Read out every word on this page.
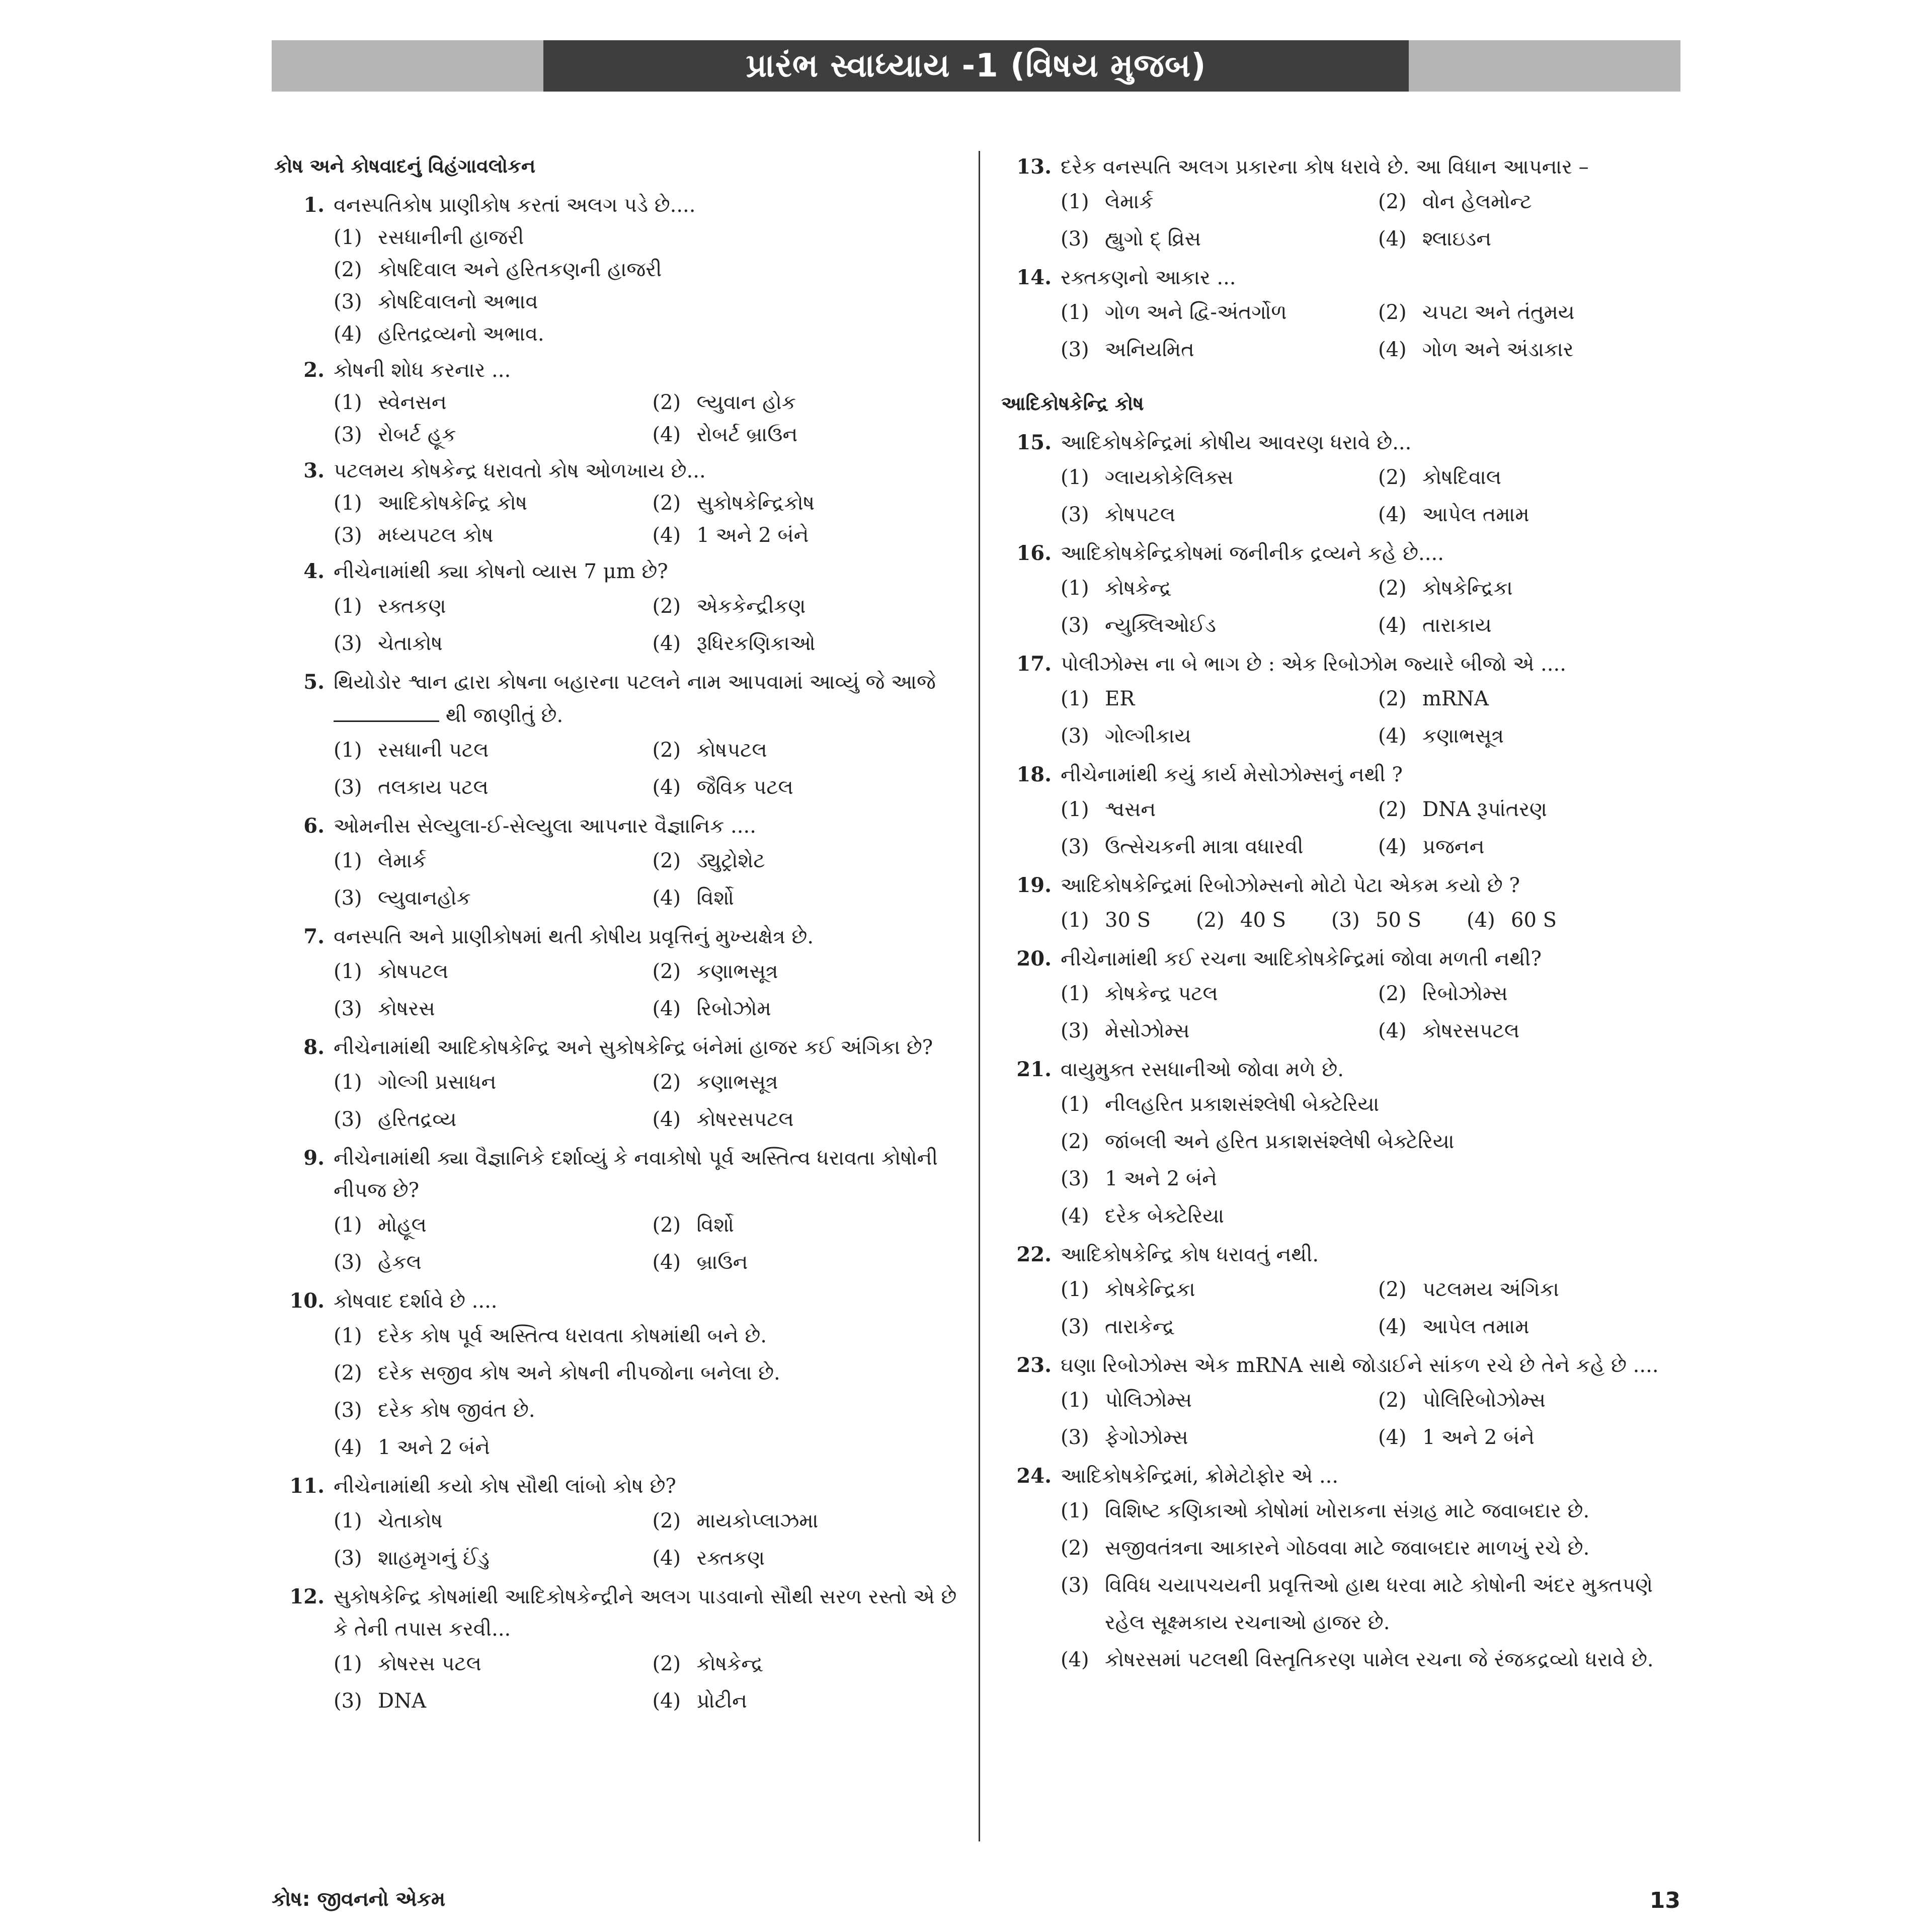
પ્રારંભ સ્વાધ્યાય -1 (વિષય મુજબ)
કોષ અને કોષવાદનું વિહંગાવલોકન
1. વનસ્પતિકોષ પ્રાણીકોષ કરતાં અલગ પડે છે....
(1) રસધાનીની હાજરી
(2) કોષદિવાલ અને હરિતકણની હાજરી
(3) કોષદિવાલનો અભાવ
(4) હરિતદ્રવ્યનો અભાવ.
2. કોષની શોધ કરનાર ...
(1) સ્વેનસન	(2) લ્યુવાન હોક
(3) રોબર્ટ હૂક	(4) રોબર્ટ બ્રાઉન
3. પટલમય કોષકેન્દ્ર ધરાવતો કોષ ઓળખાય છે...
(1) આદિકોષકેન્દ્રિ કોષ	(2) સુકોષકેન્દ્રિકોષ
(3) મધ્યપટલ કોષ	(4) 1 અને 2 બંને
4. નીચેનામાંથી ક્યા કોષનો વ્યાસ 7 μm છે?
(1) રક્તકણ	(2) એકકેન્દ્રીકણ
(3) ચેતાકોષ	(4) રૂધિરકણિકાઓ
5. થિયોડોર શ્વાન દ્વારા કોષના બહારના પટલને નામ આપવામાં આવ્યું જે આજે
થી જાણીતું છે.
(1) રસધાની પટલ	(2) કોષપટલ
(3) તલકાય પટલ	(4) જૈવિક પટલ
6. ઓમનીસ સેલ્યુલા-ઈ-સેલ્યુલા આપનાર વૈજ્ઞાનિક ....
(1) લેમાર્ક	(2) ડ્યુટ્રોશેટ
(3) લ્યુવાનહોક	(4) વિર્શો
7. વનસ્પતિ અને પ્રાણીકોષમાં થતી કોષીય પ્રવૃત્તિનું મુખ્યક્ષેત્ર છે.
(1) કોષપટલ	(2) કણાભસૂત્ર
(3) કોષરસ	(4) રિબોઝોમ
8. નીચેનામાંથી આદિકોષકેન્દ્રિ અને સુકોષકેન્દ્રિ બંનેમાં હાજર કઈ અંગિકા છે?
(1) ગોલ્ગી પ્રસાધન	(2) કણાભસૂત્ર
(3) હરિતદ્રવ્ય	(4) કોષરસપટલ
9. નીચેનામાંથી ક્યા વૈજ્ઞાનિકે દર્શાવ્યું કે નવાકોષો પૂર્વ અસ્તિત્વ ધરાવતા કોષોની નીપજ છે?
(1) મોહૂલ	(2) વિર્શો
(3) હેકલ	(4) બ્રાઉન
10. કોષવાદ દર્શાવે છે ....
(1) દરેક કોષ પૂર્વ અસ્તિત્વ ધરાવતા કોષમાંથી બને છે.
(2) દરેક સજીવ કોષ અને કોષની નીપજોના બનેલા છે.
(3) દરેક કોષ જીવંત છે.
(4) 1 અને 2 બંને
11. નીચેનામાંથી કયો કોષ સૌથી લાંબો કોષ છે?
(1) ચેતાકોષ	(2) માયકોપ્લાઝમા
(3) શાહમૃગનું ઈંડુ	(4) રક્તકણ
12. સુકોષકેન્દ્રિ કોષમાંથી આદિકોષકેન્દ્રીને અલગ પાડવાનો સૌથી સરળ રસ્તો એ છે કે તેની તપાસ કરવી...
(1) કોષરસ પટલ	(2) કોષકેન્દ્ર
(3) DNA	(4) પ્રોટીન
13. દરેક વનસ્પતિ અલગ પ્રકારના કોષ ધરાવે છે. આ વિધાન આપનાર –
(1) લેમાર્ક	(2) વોન હેલમોન્ટ
(3) હ્યુગો દ્ વ્રિસ	(4) શ્લાઇડન
14. રક્તકણનો આકાર ...
(1) ગોળ અને દ્વિ-અંતર્ગોળ	(2) ચપટા અને તંતુમય
(3) અનિયમિત	(4) ગોળ અને અંડાકાર
આદિકોષકેન્દ્રિ કોષ
15. આદિકોષકેન્દ્રિમાં કોષીય આવરણ ધરાવે છે...
(1) ગ્લાયકોકેલિક્સ	(2) કોષદિવાલ
(3) કોષપટલ	(4) આપેલ તમામ
16. આદિકોષકેન્દ્રિકોષમાં જનીનીક દ્રવ્યને કહે છે....
(1) કોષકેન્દ્ર	(2) કોષકેન્દ્રિકા
(3) ન્યુક્લિઓઈડ	(4) તારાકાય
17. પોલીઝોમ્સ ના બે ભાગ છે : એક રિબોઝોમ જ્યારે બીજો એ ....
(1) ER	(2) mRNA
(3) ગોલ્ગીકાય	(4) કણાભસૂત્ર
18. નીચેનામાંથી કયું કાર્ય મેસોઝોમ્સનું નથી ?
(1) શ્વસન	(2) DNA રૂપાંતરણ
(3) ઉત્સેચકની માત્રા વધારવી	(4) પ્રજનન
19. આદિકોષકેન્દ્રિમાં રિબોઝોમ્સનો મોટો પેટા એકમ કયો છે ?
(1) 30 S (2) 40 S (3) 50 S (4) 60 S
20. નીચેનામાંથી કઈ રચના આદિકોષકેન્દ્રિમાં જોવા મળતી નથી?
(1) કોષકેન્દ્ર પટલ	(2) રિબોઝોમ્સ
(3) મેસોઝોમ્સ	(4) કોષરસપટલ
21. વાયુમુક્ત રસધાનીઓ જોવા મળે છે.
(1) નીલહરિત પ્રકાશસંશ્લેષી બેક્ટેરિયા
(2) જાંબલી અને હરિત પ્રકાશસંશ્લેષી બેક્ટેરિયા
(3) 1 અને 2 બંને
(4) દરેક બેક્ટેરિયા
22. આદિકોષકેન્દ્રિ કોષ ધરાવતું નથી.
(1) કોષકેન્દ્રિકા	(2) પટલમય અંગિકા
(3) તારાકેન્દ્ર	(4) આપેલ તમામ
23. ઘણા રિબોઝોમ્સ એક mRNA સાથે જોડાઈને સાંકળ રચે છે તેને કહે છે ....
(1) પોલિઝોમ્સ	(2) પોલિરિબોઝોમ્સ
(3) ફેગોઝોમ્સ	(4) 1 અને 2 બંને
24. આદિકોષકેન્દ્રિમાં, ક્રોમેટોફોર એ ...
(1) વિશિષ્ટ કણિકાઓ કોષોમાં ખોરાકના સંગ્રહ માટે જવાબદાર છે.
(2) સજીવતંત્રના આકારને ગોઠવવા માટે જવાબદાર માળખું રચે છે.
(3) વિવિધ ચયાપચયની પ્રવૃત્તિઓ હાથ ધરવા માટે કોષોની અંદર મુક્તપણે રહેલ સૂક્ષ્મકાય રચનાઓ હાજર છે.
(4) કોષરસમાં પટલથી વિસ્તૃતિકરણ પામેલ રચના જે રંજકદ્રવ્યો ધરાવે છે.
કોષ: જીવનનો એકમ	13
